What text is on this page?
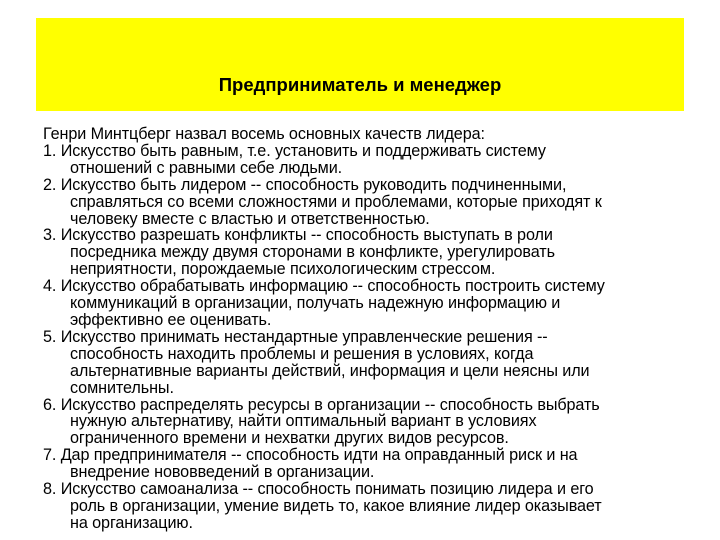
Предприниматель и менеджер
Генри Минтцберг назвал восемь основных качеств лидера:
1. Искусство быть равным, т.е. установить и поддерживать систему
отношений с равными себе людьми.
2. Искусство быть лидером -- способность руководить подчиненными,
справляться со всеми сложностями и проблемами, которые приходят к
человеку вместе с властью и ответственностью.
3. Искусство разрешать конфликты -- способность выступать в роли
посредника между двумя сторонами в конфликте, урегулировать
неприятности, порождаемые психологическим стрессом.
4. Искусство обрабатывать информацию -- способность построить систему
коммуникаций в организации, получать надежную информацию и
эффективно ее оценивать.
5. Искусство принимать нестандартные управленческие решения --
способность находить проблемы и решения в условиях, когда
альтернативные варианты действий, информация и цели неясны или
сомнительны.
6. Искусство распределять ресурсы в организации -- способность выбрать
нужную альтернативу, найти оптимальный вариант в условиях
ограниченного времени и нехватки других видов ресурсов.
7. Дар предпринимателя -- способность идти на оправданный риск и на
внедрение нововведений в организации.
8. Искусство самоанализа -- способность понимать позицию лидера и его
роль в организации, умение видеть то, какое влияние лидер оказывает
на организацию.
